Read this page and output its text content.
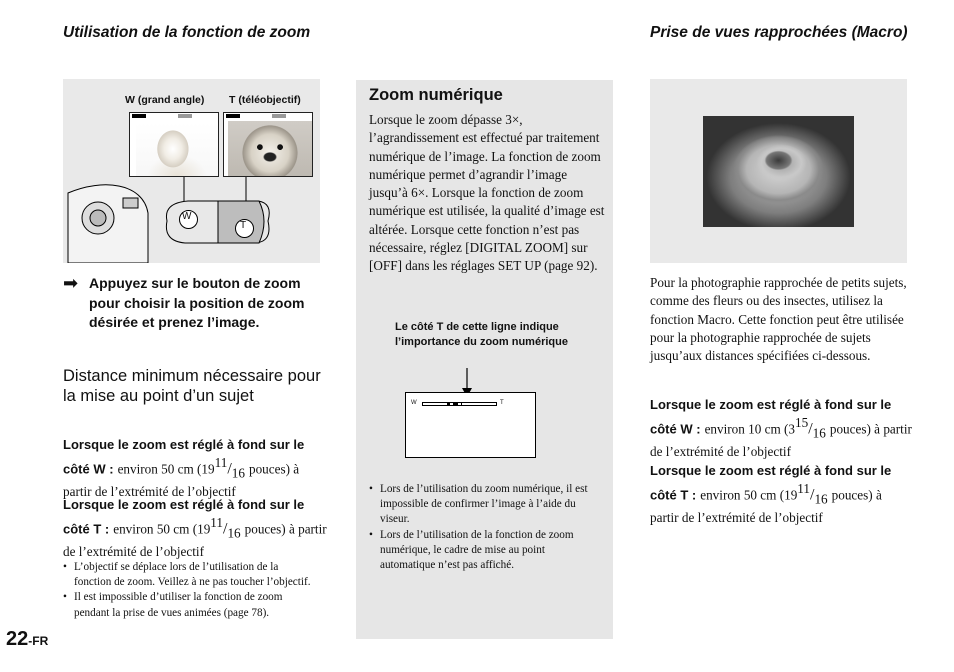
Utilisation de la fonction de zoom
W (grand angle) T (téléobjectif)
W
T
➡ Appuyez sur le bouton de zoom pour choisir la position de zoom désirée et prenez l’image.
Distance minimum nécessaire pour la mise au point d’un sujet
Lorsque le zoom est réglé à fond sur le côté W : environ 50 cm ($19^{11}/_{16}$ pouces) à partir de l’extrémité de l’objectif
Lorsque le zoom est réglé à fond sur le côté T : environ 50 cm ($19^{11}/_{16}$ pouces) à partir de l’extrémité de l’objectif
• L’objectif se déplace lors de l’utilisation de la fonction de zoom. Veillez à ne pas toucher l’objectif.
• Il est impossible d’utiliser la fonction de zoom pendant la prise de vues animées (page 78).
22-FR
Zoom numérique
Lorsque le zoom dépasse 3×, l’agrandissement est effectué par traitement numérique de l’image. La fonction de zoom numérique permet d’agrandir l’image jusqu’à 6×. Lorsque la fonction de zoom numérique est utilisée, la qualité d’image est altérée. Lorsque cette fonction n’est pas nécessaire, réglez [DIGITAL ZOOM] sur [OFF] dans les réglages SET UP (page 92).
Le côté T de cette ligne indique l’importance du zoom numérique
W	T
• Lors de l’utilisation du zoom numérique, il est impossible de confirmer l’image à l’aide du viseur.
• Lors de l’utilisation de la fonction de zoom numérique, le cadre de mise au point automatique n’est pas affiché.
Prise de vues rapprochées (Macro)
Pour la photographie rapprochée de petits sujets, comme des fleurs ou des insectes, utilisez la fonction Macro. Cette fonction peut être utilisée pour la photographie rapprochée de sujets jusqu’aux distances spécifiées ci-dessous.
Lorsque le zoom est réglé à fond sur le côté W : environ 10 cm ($3^{15}/_{16}$ pouces) à partir de l’extrémité de l’objectif
Lorsque le zoom est réglé à fond sur le côté T : environ 50 cm ($19^{11}/_{16}$ pouces) à partir de l’extrémité de l’objectif
